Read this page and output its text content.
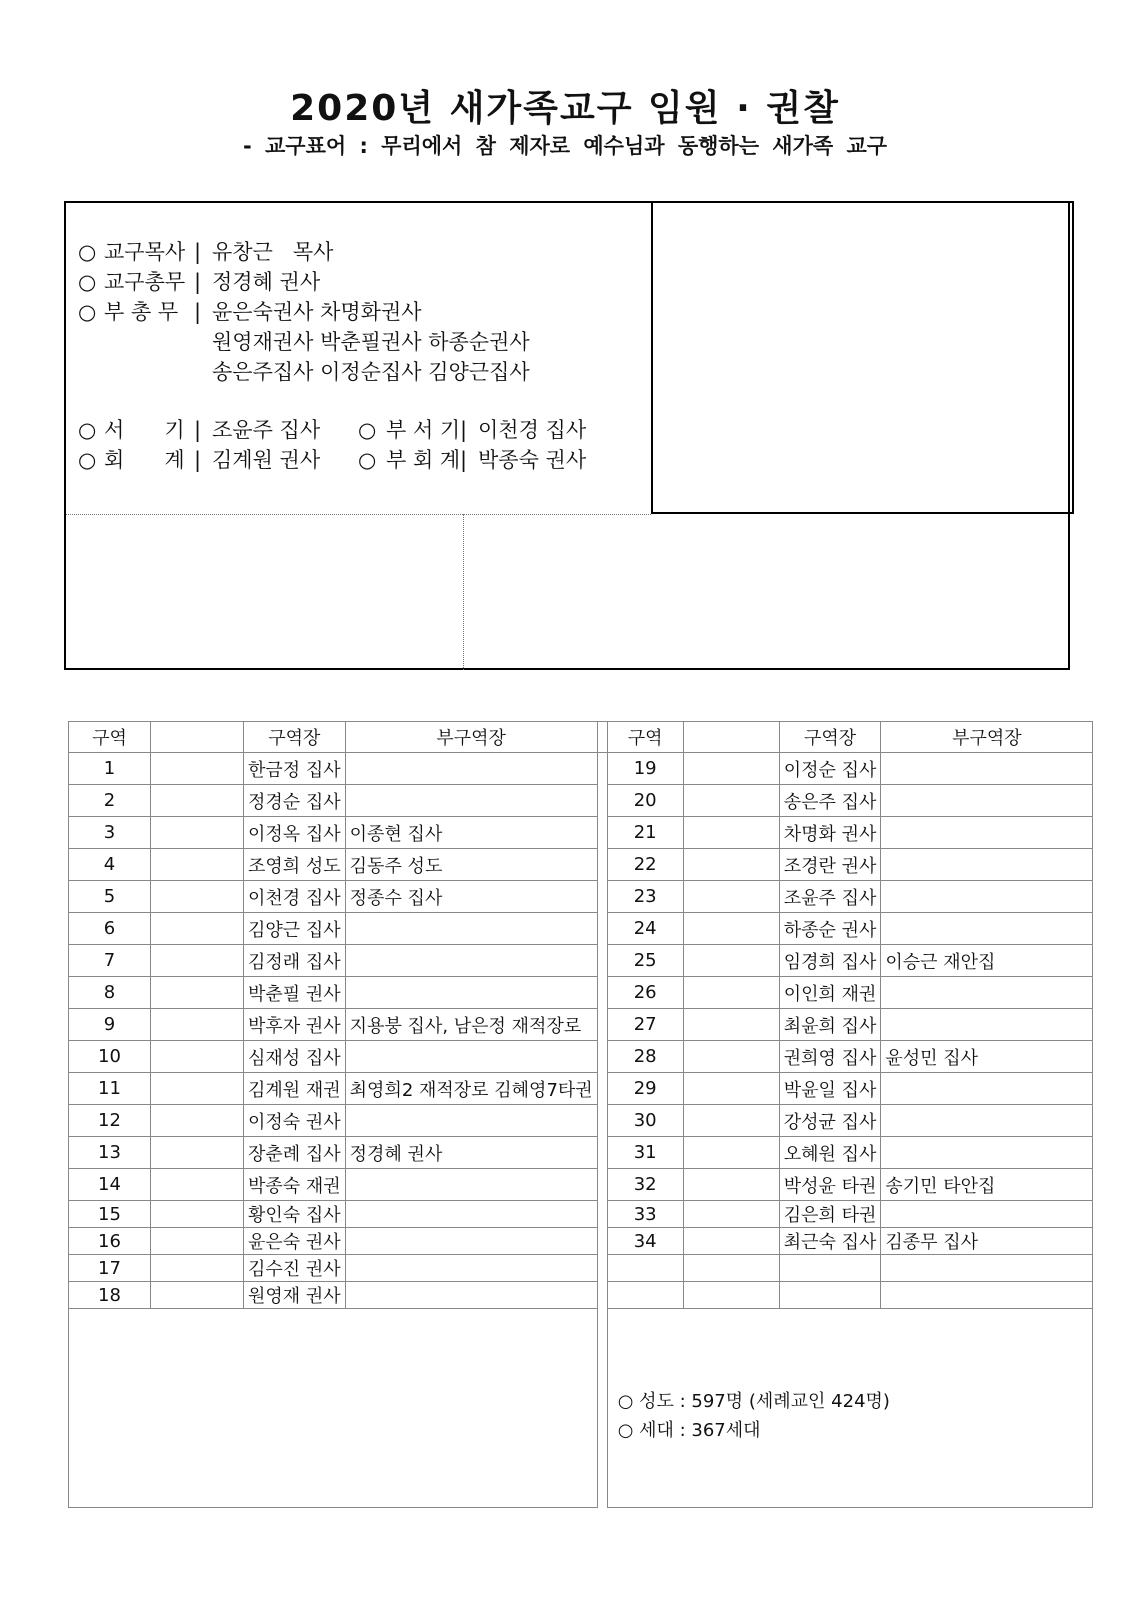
2020년 새가족교구 임원 · 권찰
- 교구표어 : 무리에서 참 제자로 예수님과 동행하는 새가족 교구
○ 교구목사 | 유창근   목사
○ 교구총무 | 정경혜 권사
○ 부 총 무 | 윤은숙권사 차명화권사
원영재권사 박춘필권사 하종순권사
송은주집사 이정순집사 김양근집사
○ 서      기 | 조윤주 집사 ○ 부 서 기 | 이천경 집사
○ 회      계 | 김계원 권사 ○ 부 회 계 | 박종숙 권사
구역		구역장	부구역장		구역		구역장	부구역장
1		한금정 집사			19		이정순 집사	
2		정경순 집사			20		송은주 집사	
3		이정옥 집사	이종현 집사		21		차명화 권사	
4		조영희 성도	김동주 성도		22		조경란 권사	
5		이천경 집사	정종수 집사		23		조윤주 집사	
6		김양근 집사			24		하종순 권사	
7		김정래 집사			25		임경희 집사	이승근 재안집
8		박춘필 권사			26		이인희 재권	
9		박후자 권사	지용붕 집사, 남은정 재적장로		27		최윤희 집사	
10		심재성 집사			28		권희영 집사	윤성민 집사
11		김계원 재권	최영희2 재적장로 김혜영7타권		29		박윤일 집사	
12		이정숙 권사			30		강성균 집사	
13		장춘례 집사	정경혜 권사		31		오혜원 집사	
14		박종숙 재권			32		박성윤 타권	송기민 타안집
15		황인숙 집사			33		김은희 타권	
16		윤은숙 권사			34		최근숙 집사	김종무 집사
17		김수진 권사						
18		원영재 권사						

					○ 성도 : 597명 (세례교인 424명)
○ 세대 : 367세대			
